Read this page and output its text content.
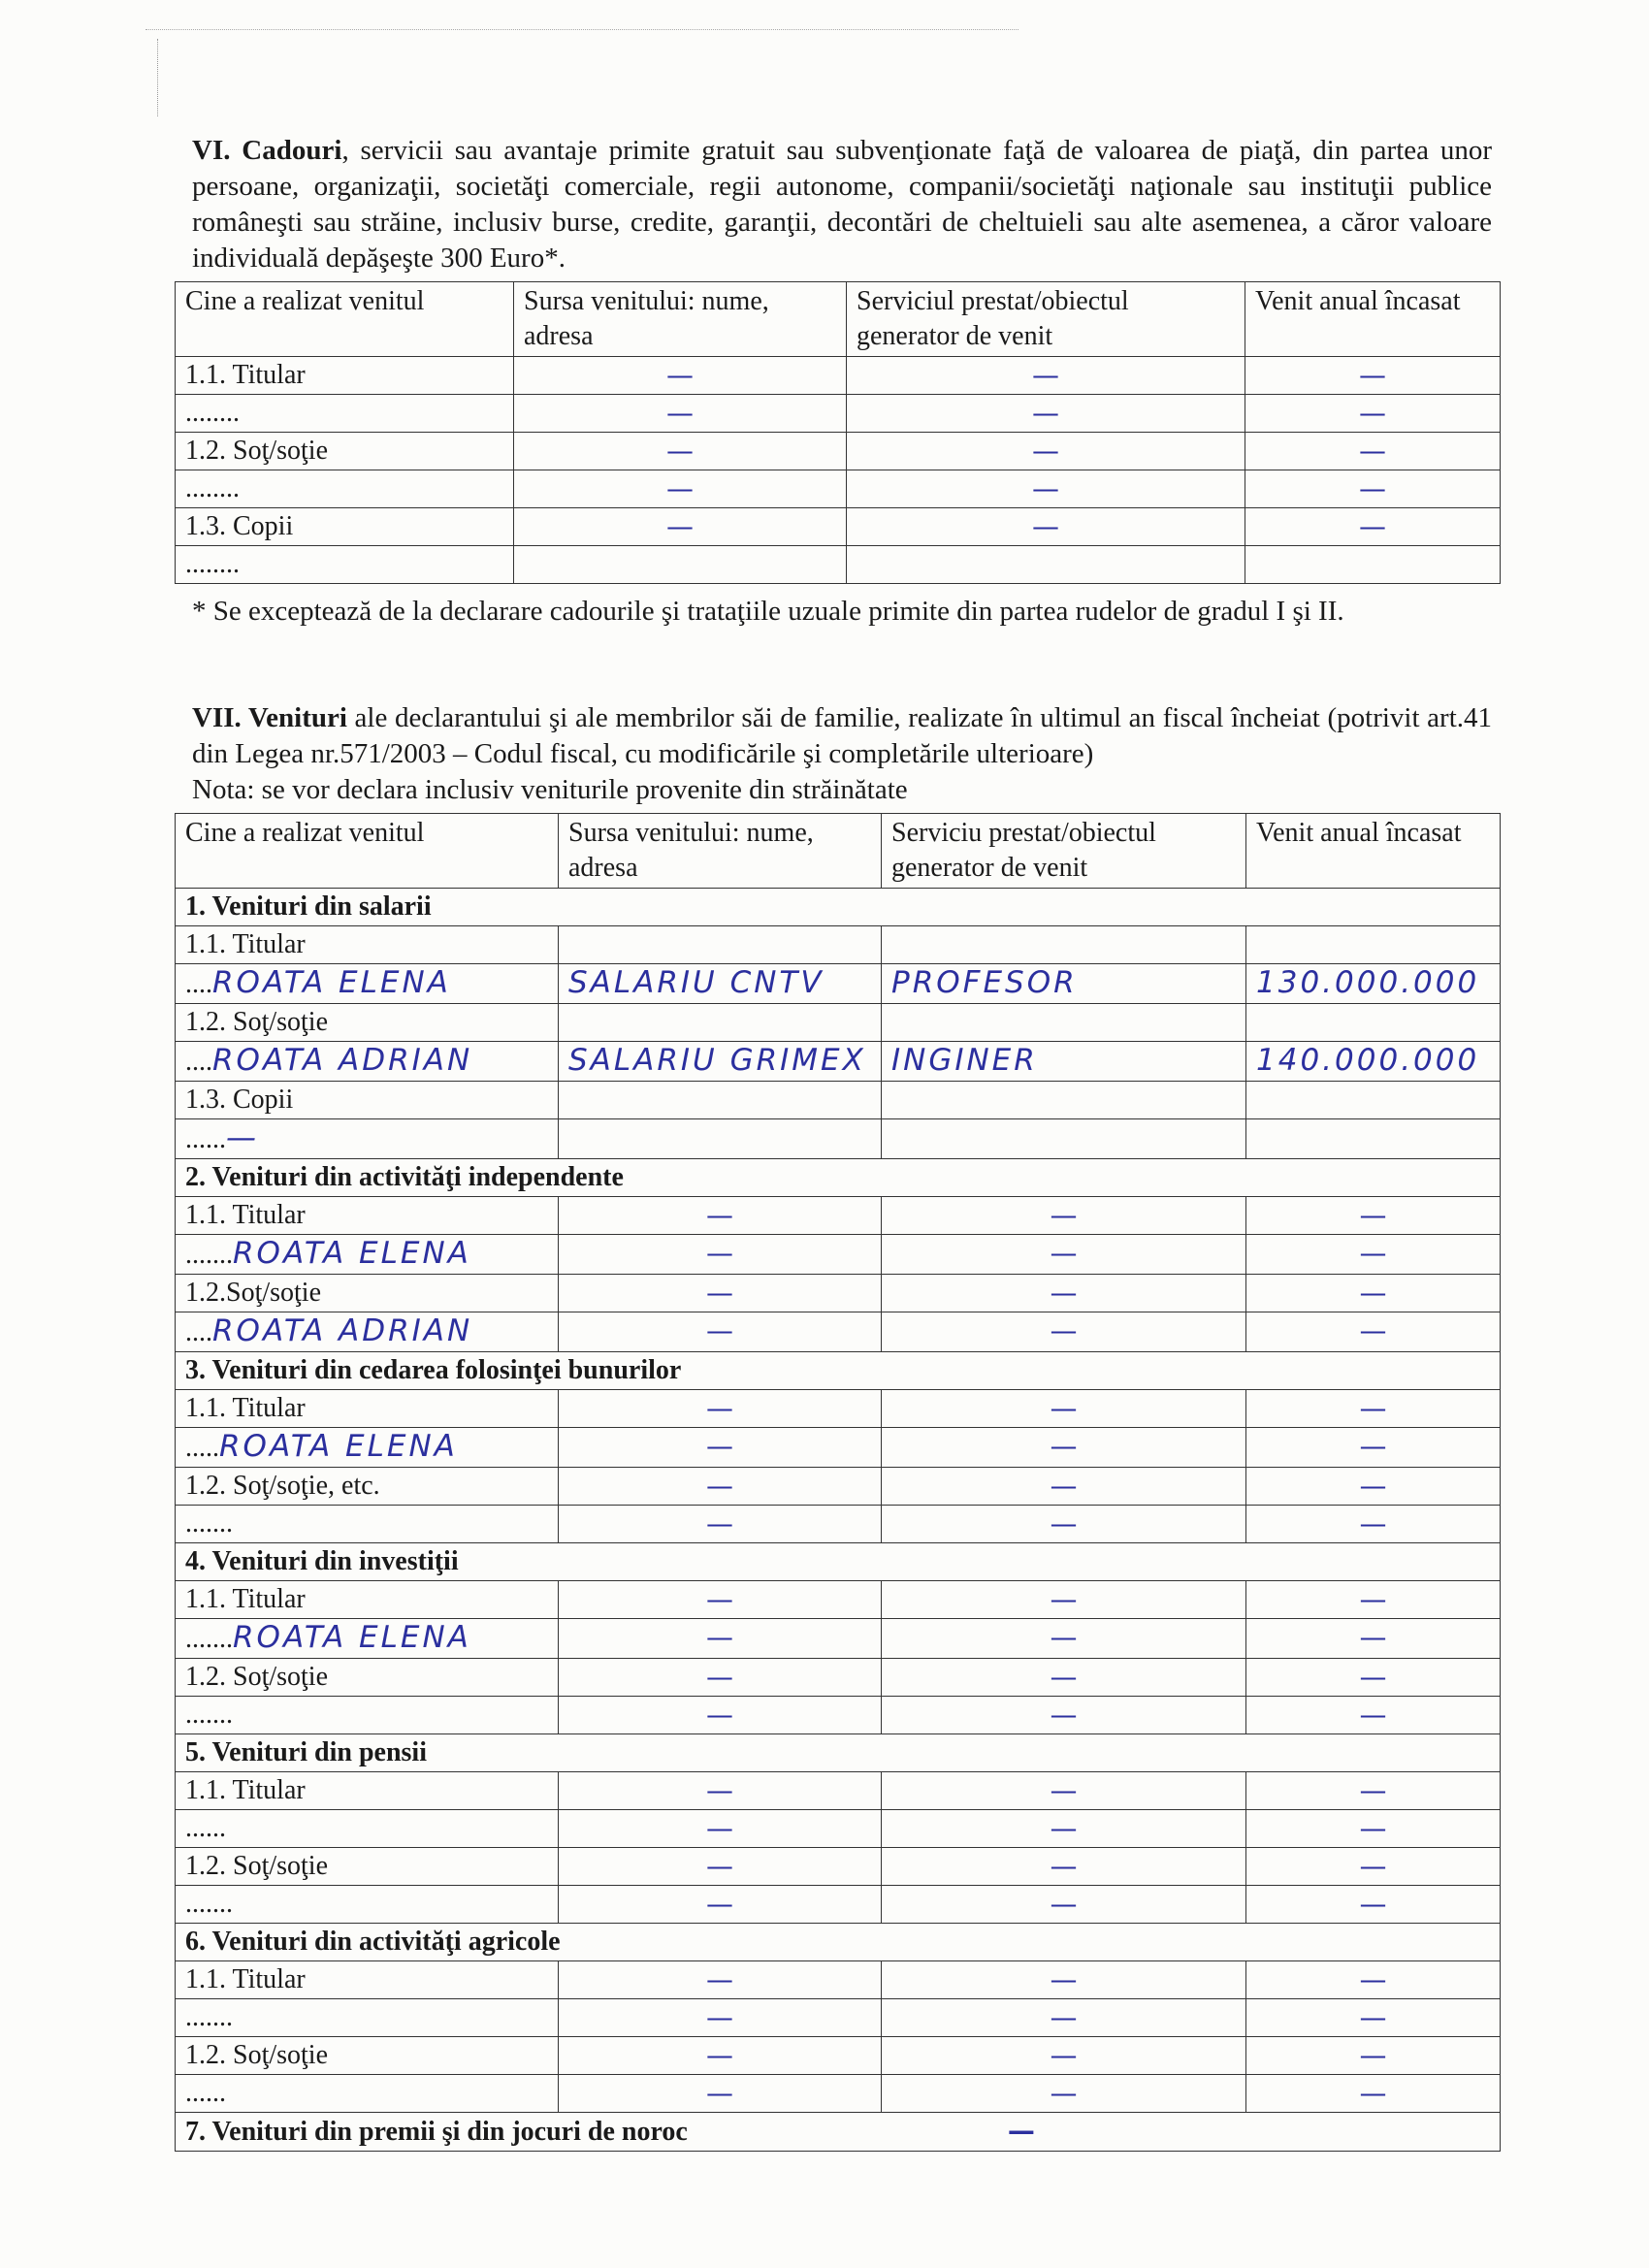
VI. Cadouri, servicii sau avantaje primite gratuit sau subvenţionate faţă de valoarea de piaţă, din partea unor persoane, organizaţii, societăţi comerciale, regii autonome, companii/societăţi naţionale sau instituţii publice româneşti sau străine, inclusiv burse, credite, garanţii, decontări de cheltuieli sau alte asemenea, a căror valoare individuală depăşeşte 300 Euro*.
Cine a realizat venitul	Sursa venitului: nume, adresa	Serviciul prestat/obiectul generator de venit	Venit anual încasat
1.1. Titular	—	—	—
........	—	—	—
1.2. Soţ/soţie	—	—	—
........	—	—	—
1.3. Copii	—	—	—
........			
* Se exceptează de la declarare cadourile şi trataţiile uzuale primite din partea rudelor de gradul I şi II.
VII. Venituri ale declarantului şi ale membrilor săi de familie, realizate în ultimul an fiscal încheiat (potrivit art.41 din Legea nr.571/2003 – Codul fiscal, cu modificările şi completările ulterioare)
Nota: se vor declara inclusiv veniturile provenite din străinătate
Cine a realizat venitul	Sursa venitului: nume, adresa	Serviciu prestat/obiectul generator de venit	Venit anual încasat
1. Venituri din salarii			
1.1. Titular			
....ROATA ELENA	SALARIU CNTV	PROFESOR	130.000.000
1.2. Soţ/soţie			
....ROATA ADRIAN	SALARIU GRIMEX	INGINER	140.000.000
1.3. Copii			
......—			
2. Venituri din activităţi independente			
1.1. Titular	—	—	—
.......ROATA ELENA	—	—	—
1.2.Soţ/soţie	—	—	—
....ROATA ADRIAN	—	—	—
3. Venituri din cedarea folosinţei bunurilor			
1.1. Titular	—	—	—
.....ROATA ELENA	—	—	—
1.2. Soţ/soţie, etc.	—	—	—
.......	—	—	—
4. Venituri din investiţii			
1.1. Titular	—	—	—
.......ROATA ELENA	—	—	—
1.2. Soţ/soţie	—	—	—
.......	—	—	—
5. Venituri din pensii			
1.1. Titular	—	—	—
......	—	—	—
1.2. Soţ/soţie	—	—	—
.......	—	—	—
6. Venituri din activităţi agricole			
1.1. Titular	—	—	—
.......	—	—	—
1.2. Soţ/soţie	—	—	—
......	—	—	—
7. Venituri din premii şi din jocuri de noroc —			
